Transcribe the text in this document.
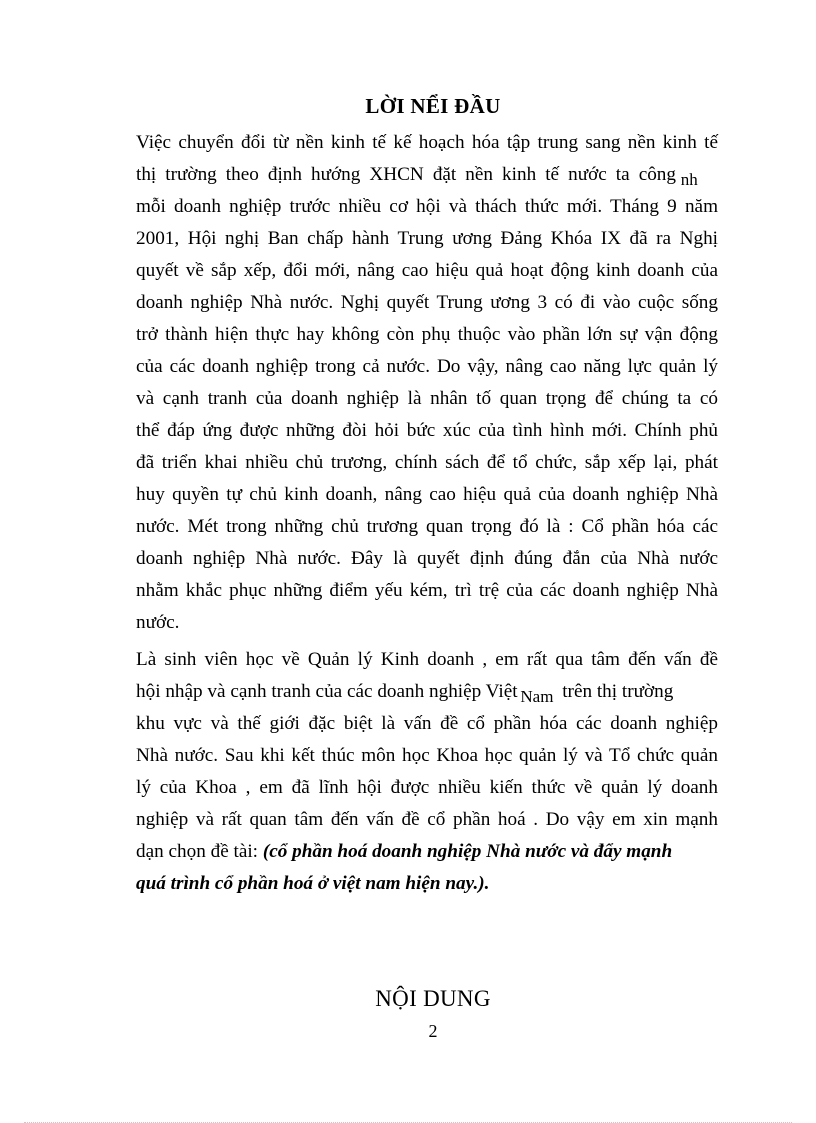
LỜI NỂI ĐẦU
Việc chuyển đổi từ nền kinh tế kế hoạch hóa tập trung sang nền kinh tế
thị trường theo định hướng XHCN đặt nền kinh tế nước ta công nh
mỗi doanh nghiệp trước nhiều cơ hội và thách thức mới. Tháng 9 năm
2001, Hội nghị Ban chấp hành Trung ương Đảng Khóa IX đã ra Nghị
quyết về sắp xếp, đổi mới, nâng cao hiệu quả hoạt động kinh doanh của
doanh nghiệp Nhà nước. Nghị quyết Trung ương 3 có đi vào cuộc sống
trở thành hiện thực hay không còn phụ thuộc vào phần lớn sự vận động
của các doanh nghiệp trong cả nước. Do vậy, nâng cao năng lực quản lý
và cạnh tranh của doanh nghiệp là nhân tố quan trọng để chúng ta có
thể đáp ứng được những đòi hỏi bức xúc của tình hình mới. Chính phủ
đã triển khai nhiều chủ trương, chính sách để tổ chức, sắp xếp lại, phát
huy quyền tự chủ kinh doanh, nâng cao hiệu quả của doanh nghiệp Nhà
nước. Mét trong những chủ trương quan trọng đó là : Cổ phần hóa các
doanh nghiệp Nhà nước. Đây là quyết định đúng đắn của Nhà nước
nhằm khắc phục những điểm yếu kém, trì trệ của các doanh nghiệp Nhà
nước.
Là sinh viên học về Quản lý Kinh doanh , em rất qua tâm đến vấn đề
hội nhập và cạnh tranh của các doanh nghiệp Việt Nam trên thị trường
khu vực và thế giới đặc biệt là vấn đề cổ phần hóa các doanh nghiệp
Nhà nước. Sau khi kết thúc môn học Khoa học quản lý và Tổ chức quản
lý của Khoa , em đã lĩnh hội được nhiều kiến thức về quản lý doanh
nghiệp và rất quan tâm đến vấn đề cổ phần hoá . Do vậy em xin mạnh
dạn chọn đề tài: (cổ phần hoá doanh nghiệp Nhà nước và đẩy mạnh
quá trình cổ phần hoá ở việt nam hiện nay.).
NỘI DUNG
2
